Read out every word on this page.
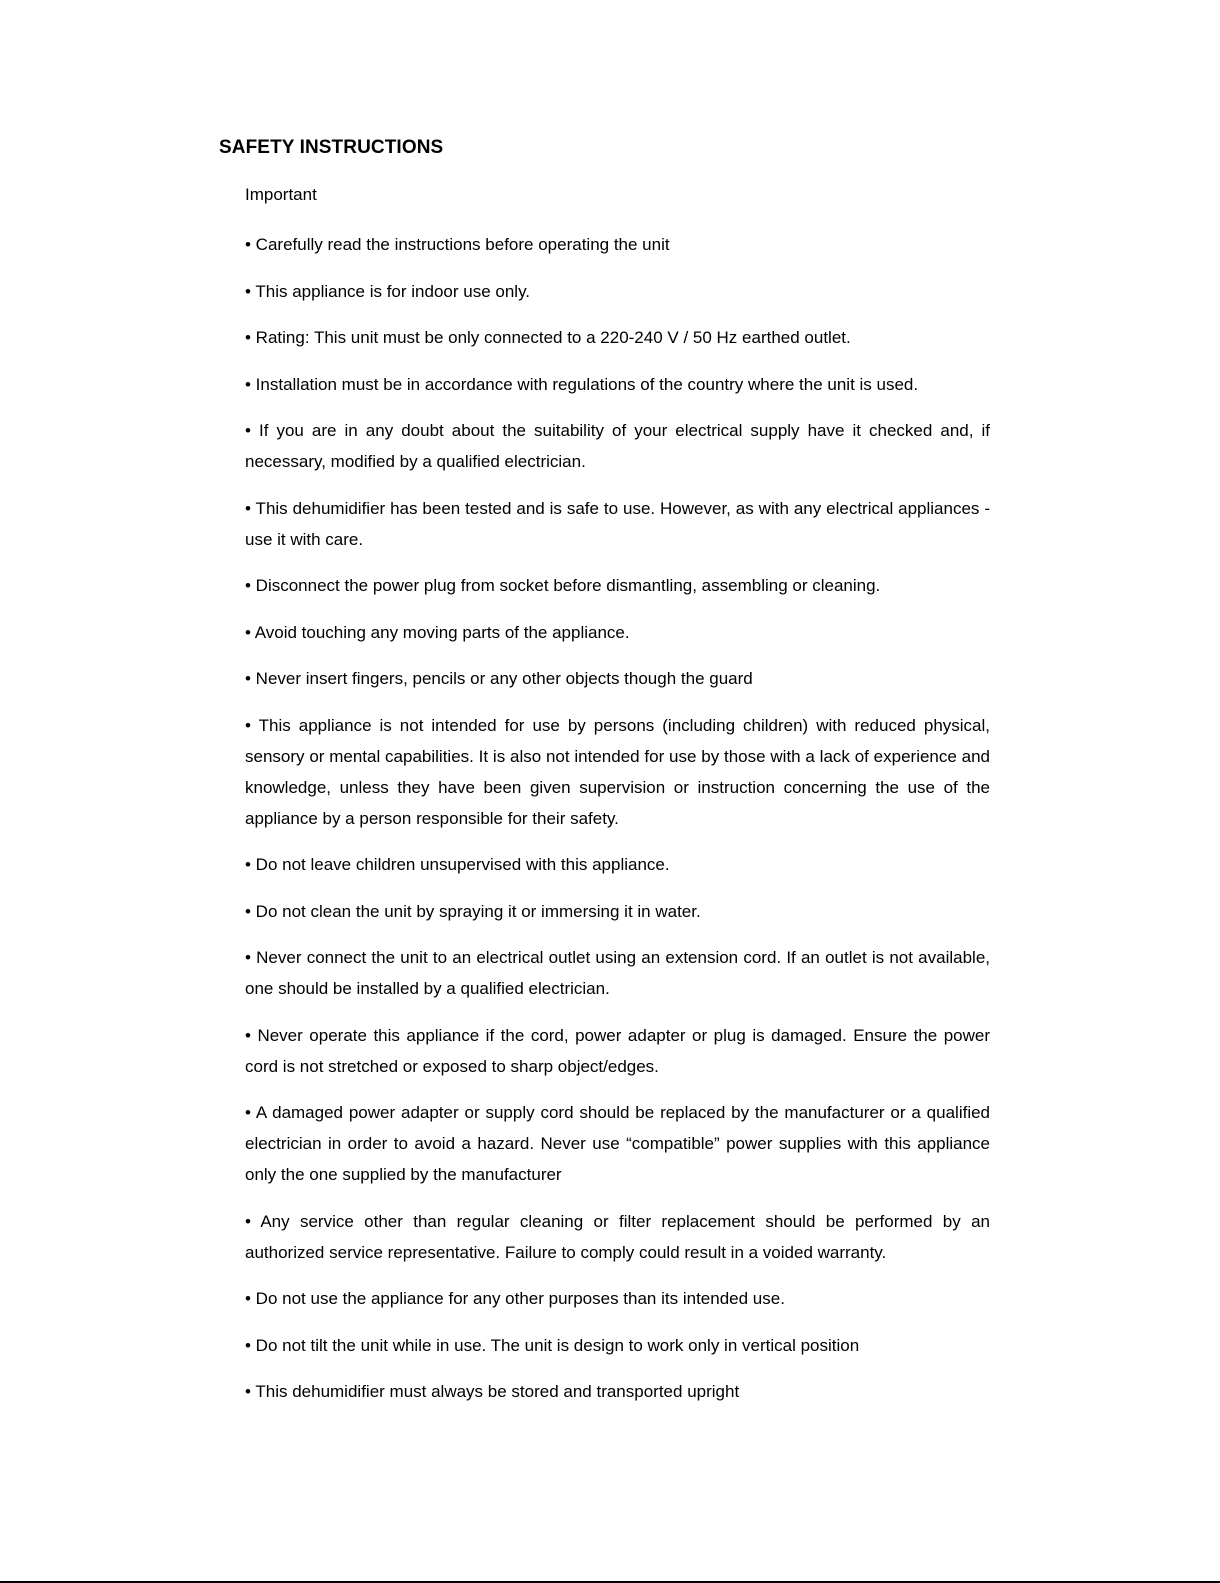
SAFETY INSTRUCTIONS
Important
• Carefully read the instructions before operating the unit
• This appliance is for indoor use only.
• Rating: This unit must be only connected to a 220-240 V / 50 Hz earthed outlet.
• Installation must be in accordance with regulations of the country where the unit is used.
• If you are in any doubt about the suitability of your electrical supply have it checked and, if necessary, modified by a qualified electrician.
• This dehumidifier has been tested and is safe to use. However, as with any electrical appliances - use it with care.
• Disconnect the power plug from socket before dismantling, assembling or cleaning.
• Avoid touching any moving parts of the appliance.
• Never insert fingers, pencils or any other objects though the guard
• This appliance is not intended for use by persons (including children) with reduced physical, sensory or mental capabilities. It is also not intended for use by those with a lack of experience and knowledge, unless they have been given supervision or instruction concerning the use of the appliance by a person responsible for their safety.
• Do not leave children unsupervised with this appliance.
• Do not clean the unit by spraying it or immersing it in water.
• Never connect the unit to an electrical outlet using an extension cord. If an outlet is not available, one should be installed by a qualified electrician.
• Never operate this appliance if the cord, power adapter or plug is damaged. Ensure the power cord is not stretched or exposed to sharp object/edges.
• A damaged power adapter or supply cord should be replaced by the manufacturer or a qualified electrician in order to avoid a hazard. Never use “compatible” power supplies with this appliance only the one supplied by the manufacturer
• Any service other than regular cleaning or filter replacement should be performed by an authorized service representative. Failure to comply could result in a voided warranty.
• Do not use the appliance for any other purposes than its intended use.
• Do not tilt the unit while in use. The unit is design to work only in vertical position
• This dehumidifier must always be stored and transported upright
